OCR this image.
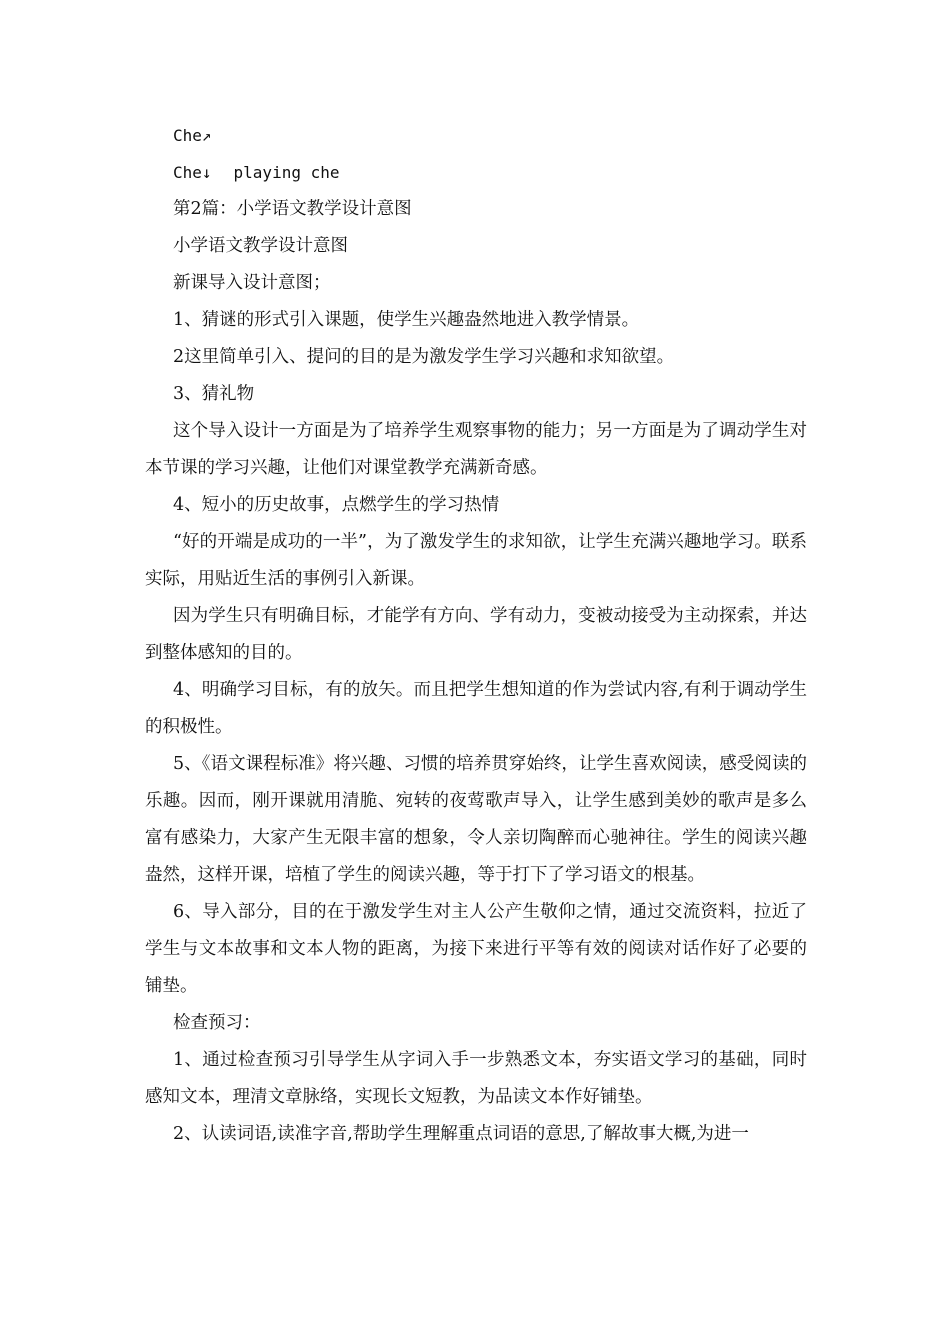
Che↗

Che↓ playing che

第2篇：小学语文教学设计意图

小学语文教学设计意图

新课导入设计意图；

1、猜谜的形式引入课题，使学生兴趣盎然地进入教学情景。

2这里简单引入、提问的目的是为激发学生学习兴趣和求知欲望。

3、猜礼物

这个导入设计一方面是为了培养学生观察事物的能力；另一方面是为了调动学生对本节课的学习兴趣，让他们对课堂教学充满新奇感。

4、短小的历史故事，点燃学生的学习热情

“好的开端是成功的一半”，为了激发学生的求知欲，让学生充满兴趣地学习。联系实际，用贴近生活的事例引入新课。

因为学生只有明确目标，才能学有方向、学有动力，变被动接受为主动探索，并达到整体感知的目的。

4、明确学习目标，有的放矢。而且把学生想知道的作为尝试内容,有利于调动学生的积极性。

5、《语文课程标准》将兴趣、习惯的培养贯穿始终，让学生喜欢阅读，感受阅读的乐趣。因而，刚开课就用清脆、宛转的夜莺歌声导入，让学生感到美妙的歌声是多么富有感染力，大家产生无限丰富的想象，令人亲切陶醉而心驰神往。学生的阅读兴趣盎然，这样开课，培植了学生的阅读兴趣，等于打下了学习语文的根基。

6、导入部分，目的在于激发学生对主人公产生敬仰之情，通过交流资料，拉近了学生与文本故事和文本人物的距离，为接下来进行平等有效的阅读对话作好了必要的铺垫。

检查预习：

1、通过检查预习引导学生从字词入手一步熟悉文本，夯实语文学习的基础，同时感知文本，理清文章脉络，实现长文短教，为品读文本作好铺垫。

2、认读词语,读准字音,帮助学生理解重点词语的意思,了解故事大概,为进一
